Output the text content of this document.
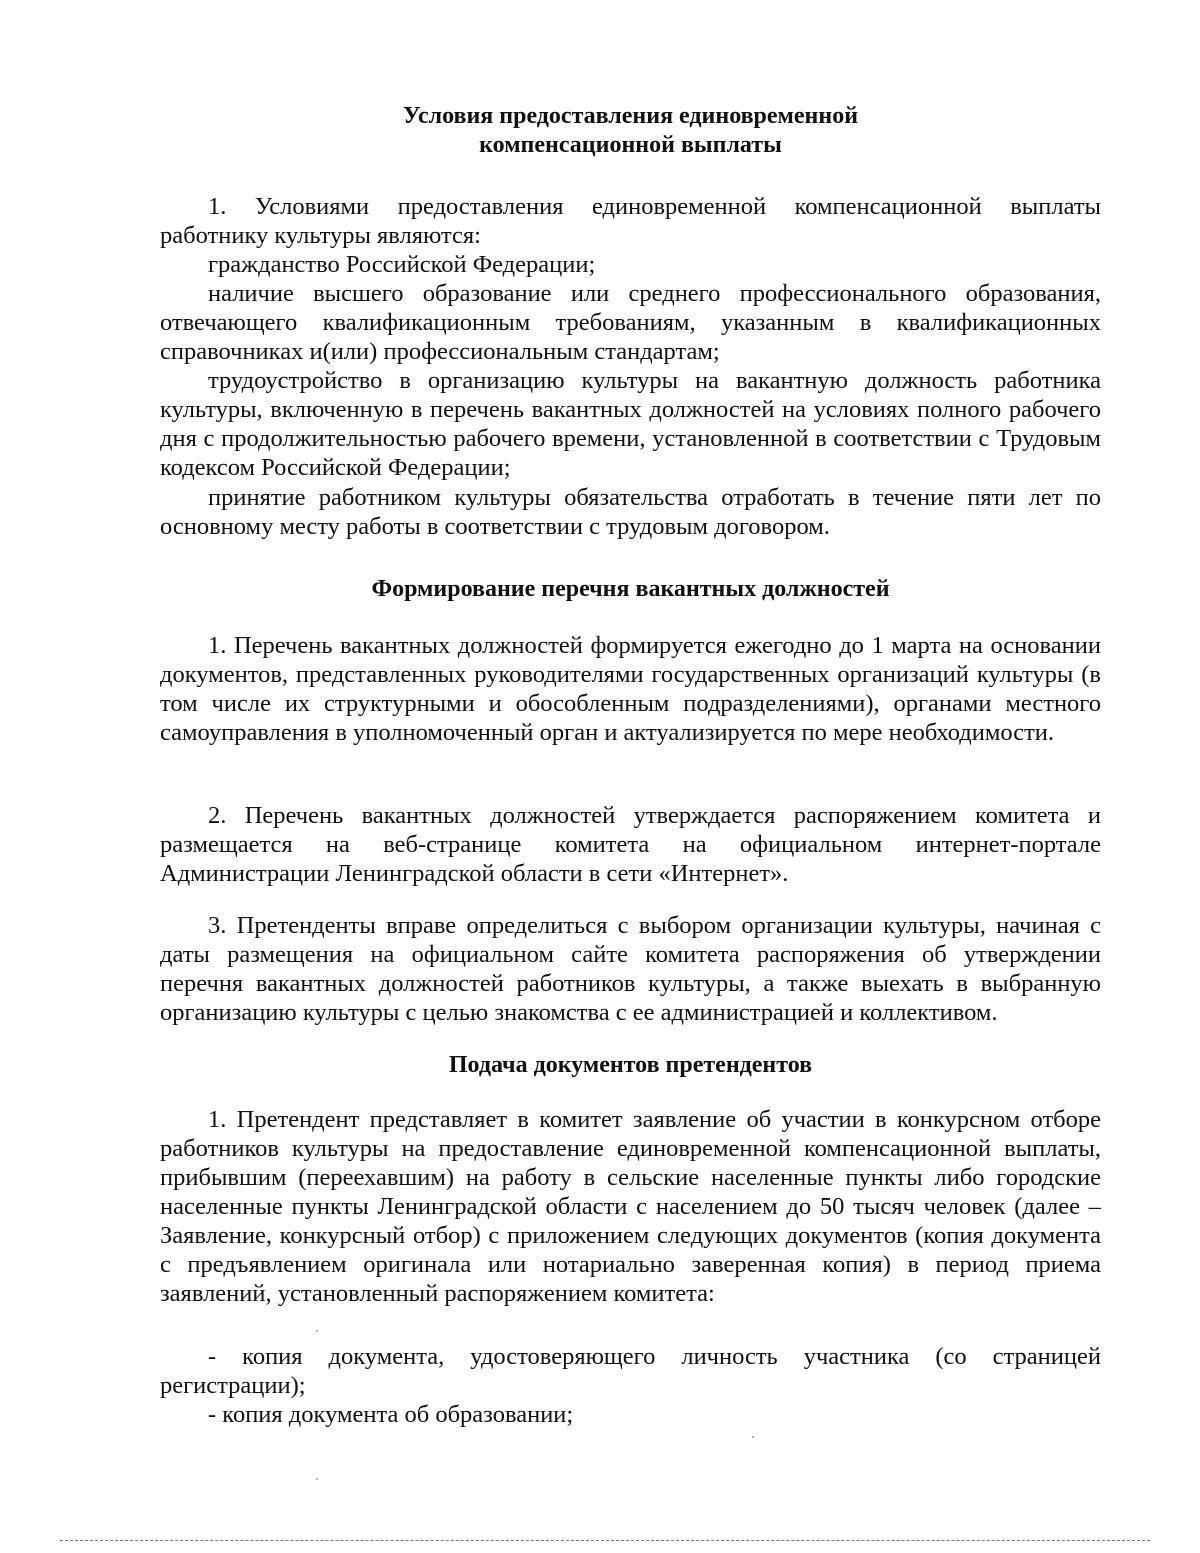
Условия предоставления единовременной

компенсационной выплаты

1. Условиями предоставления единовременной компенсационной выплаты работнику культуры являются:

гражданство Российской Федерации;

наличие высшего образование или среднего профессионального образования, отвечающего квалификационным требованиям, указанным в квалификационных справочниках и(или) профессиональным стандартам;

трудоустройство в организацию культуры на вакантную должность работника культуры, включенную в перечень вакантных должностей на условиях полного рабочего дня с продолжительностью рабочего времени, установленной в соответствии с Трудовым кодексом Российской Федерации;

принятие работником культуры обязательства отработать в течение пяти лет по основному месту работы в соответствии с трудовым договором.

Формирование перечня вакантных должностей

1. Перечень вакантных должностей формируется ежегодно до 1 марта на основании документов, представленных руководителями государственных организаций культуры (в том числе их структурными и обособленным подразделениями), органами местного самоуправления в уполномоченный орган и актуализируется по мере необходимости.

2. Перечень вакантных должностей утверждается распоряжением комитета и размещается на веб-странице комитета на официальном интернет-портале Администрации Ленинградской области в сети «Интернет».

3. Претенденты вправе определиться с выбором организации культуры, начиная с даты размещения на официальном сайте комитета распоряжения об утверждении перечня вакантных должностей работников культуры, а также выехать в выбранную организацию культуры с целью знакомства с ее администрацией и коллективом.

Подача документов претендентов

1. Претендент представляет в комитет заявление об участии в конкурсном отборе работников культуры на предоставление единовременной компенсационной выплаты, прибывшим (переехавшим) на работу в сельские населенные пункты либо городские населенные пункты Ленинградской области с населением до 50 тысяч человек (далее – Заявление, конкурсный отбор) с приложением следующих документов (копия документа с предъявлением оригинала или нотариально заверенная копия) в период приема заявлений, установленный распоряжением комитета:

- копия документа, удостоверяющего личность участника (со страницей регистрации);

- копия документа об образовании;
